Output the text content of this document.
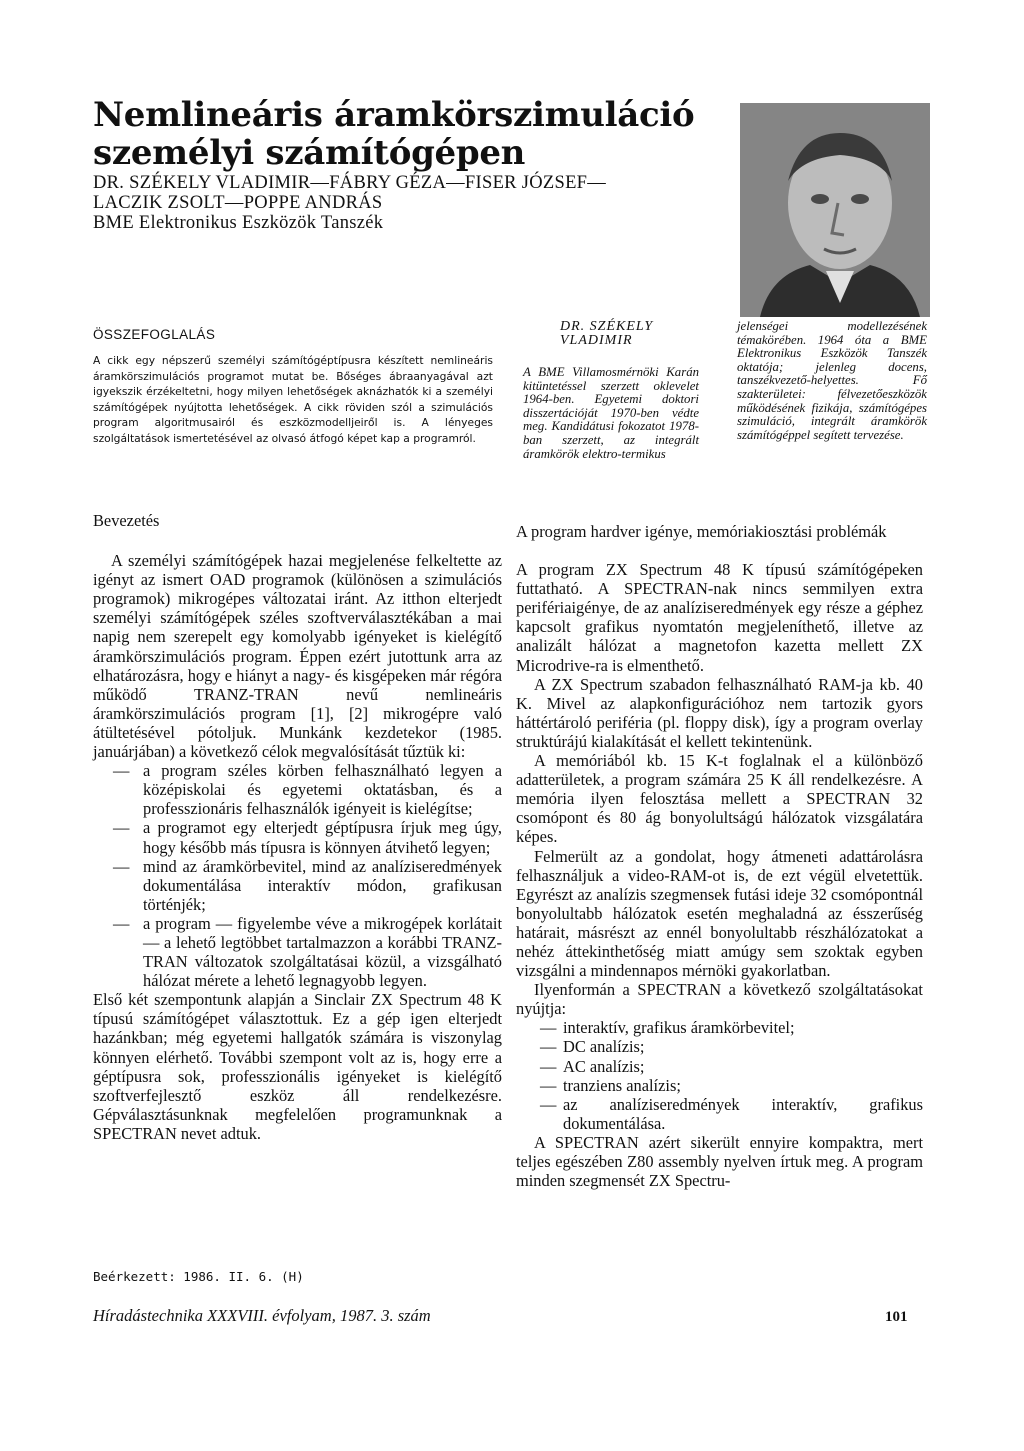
Nemlineáris áramkörszimuláció
személyi számítógépen
DR. SZÉKELY VLADIMIR—FÁBRY GÉZA—FISER JÓZSEF—
LACZIK ZSOLT—POPPE ANDRÁS
BME Elektronikus Eszközök Tanszék
ÖSSZEFOGLALÁS
A cikk egy népszerű személyi számítógéptípusra készített nemlineáris áramkörszimulációs programot mutat be. Bőséges ábraanyagával azt igyekszik érzékeltetni, hogy milyen lehetőségek aknázhatók ki a személyi számítógépek nyújtotta lehetőségek. A cikk röviden szól a szimulációs program algoritmusairól és eszközmodelljeiről is. A lényeges szolgáltatások ismertetésével az olvasó átfogó képet kap a programról.
DR. SZÉKELY
VLADIMIR
A BME Villamosmérnöki Karán kitüntetéssel szerzett oklevelet 1964-ben. Egyetemi doktori disszertációját 1970-ben védte meg. Kandidátusi fokozatot 1978-ban szerzett, az integrált áramkörök elektro-termikus
jelenségei modellezésének témakörében. 1964 óta a BME Elektronikus Eszközök Tanszék oktatója; jelenleg docens, tanszékvezető-helyettes. Fő szakterületei: félvezetőeszközök működésének fizikája, számítógépes szimuláció, integrált áramkörök számítógéppel segített tervezése.

Bevezetés

A személyi számítógépek hazai megjelenése felkeltette az igényt az ismert OAD programok (különösen a szimulációs programok) mikrogépes változatai iránt. Az itthon elterjedt személyi számítógépek széles szoftverválasztékában a mai napig nem szerepelt egy komolyabb igényeket is kielégítő áramkörszimulációs program. Éppen ezért jutottunk arra az elhatározásra, hogy e hiányt a nagy- és kisgépeken már régóra működő TRANZ-TRAN nevű nemlineáris áramkörszimulációs program [1], [2] mikrogépre való átültetésével pótoljuk. Munkánk kezdetekor (1985. januárjában) a következő célok megvalósítását tűztük ki:

— a program széles körben felhasználható legyen a középiskolai és egyetemi oktatásban, és a professzionáris felhasználók igényeit is kielégítse;
— a programot egy elterjedt géptípusra írjuk meg úgy, hogy később más típusra is könnyen átvihető legyen;
— mind az áramkörbevitel, mind az analíziseredmények dokumentálása interaktív módon, grafikusan történjék;
— a program — figyelembe véve a mikrogépek korlátait — a lehető legtöbbet tartalmazzon a korábbi TRANZ-TRAN változatok szolgáltatásai közül, a vizsgálható hálózat mérete a lehető legnagyobb legyen.

Első két szempontunk alapján a Sinclair ZX Spectrum 48 K típusú számítógépet választottuk. Ez a gép igen elterjedt hazánkban; még egyetemi hallgatók számára is viszonylag könnyen elérhető. További szempont volt az is, hogy erre a géptípusra sok, professzionális igényeket is kielégítő szoftverfejlesztő eszköz áll rendelkezésre. Gépválasztásunknak megfelelően programunknak a SPECTRAN nevet adtuk.

A program hardver igénye, memóriakiosztási problémák

A program ZX Spectrum 48 K típusú számítógépeken futtatható. A SPECTRAN-nak nincs semmilyen extra perifériaigénye, de az analíziseredmények egy része a géphez kapcsolt grafikus nyomtatón megjeleníthető, illetve az analizált hálózat a magnetofon kazetta mellett ZX Microdrive-ra is elmenthető.

A ZX Spectrum szabadon felhasználható RAM-ja kb. 40 K. Mivel az alapkonfigurációhoz nem tartozik gyors háttértároló periféria (pl. floppy disk), így a program overlay struktúrájú kialakítását el kellett tekintenünk.

A memóriából kb. 15 K-t foglalnak el a különböző adatterületek, a program számára 25 K áll rendelkezésre. A memória ilyen felosztása mellett a SPECTRAN 32 csomópont és 80 ág bonyolultságú hálózatok vizsgálatára képes.

Felmerült az a gondolat, hogy átmeneti adattárolásra felhasználjuk a video-RAM-ot is, de ezt végül elvetettük. Egyrészt az analízis szegmensek futási ideje 32 csomópontnál bonyolultabb hálózatok esetén meghaladná az ésszerűség határait, másrészt az ennél bonyolultabb részhálózatokat a nehéz áttekinthetőség miatt amúgy sem szoktak egyben vizsgálni a mindennapos mérnöki gyakorlatban.

Ilyenformán a SPECTRAN a következő szolgáltatásokat nyújtja:

— interaktív, grafikus áramkörbevitel;
— DC analízis;
— AC analízis;
— tranziens analízis;
— az analíziseredmények interaktív, grafikus dokumentálása.

A SPECTRAN azért sikerült ennyire kompaktra, mert teljes egészében Z80 assembly nyelven írtuk meg. A program minden szegmensét ZX Spectru-

Beérkezett: 1986. II. 6. (H)
Híradástechnika XXXVIII. évfolyam, 1987. 3. szám	101
